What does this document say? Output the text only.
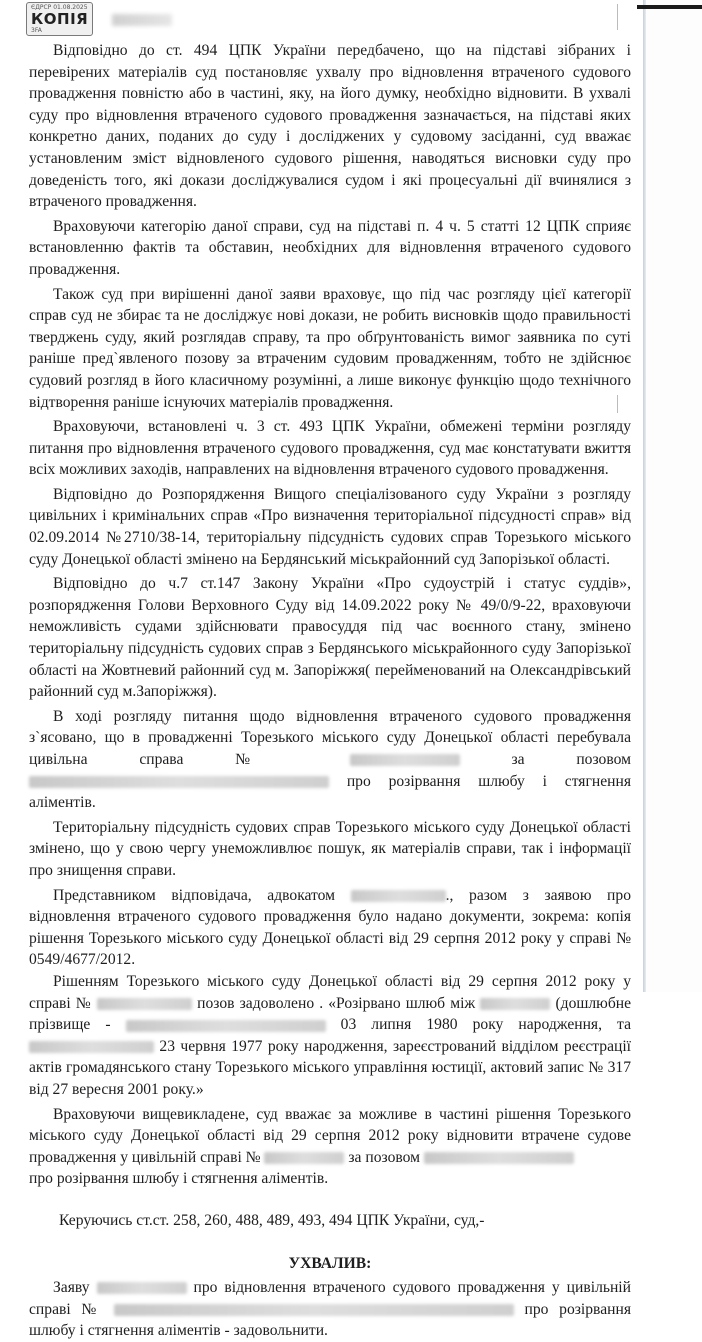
ЄДРСР 01.08.2025
КОПІЯ
3FA

Відповідно до ст. 494 ЦПК України передбачено, що на підставі зібраних і перевірених матеріалів суд постановляє ухвалу про відновлення втраченого судового провадження повністю або в частині, яку, на його думку, необхідно відновити. В ухвалі суду про відновлення втраченого судового провадження зазначається, на підставі яких конкретно даних, поданих до суду і досліджених у судовому засіданні, суд вважає установленим зміст відновленого судового рішення, наводяться висновки суду про доведеність того, які докази досліджувалися судом і які процесуальні дії вчинялися з втраченого провадження.

Враховуючи категорію даної справи, суд на підставі п. 4 ч. 5 статті 12 ЦПК сприяє встановленню фактів та обставин, необхідних для відновлення втраченого судового провадження.

Також суд при вирішенні даної заяви враховує, що під час розгляду цієї категорії справ суд не збирає та не досліджує нові докази, не робить висновків щодо правильності тверджень суду, який розглядав справу, та про обґрунтованість вимог заявника по суті раніше пред`явленого позову за втраченим судовим провадженням, тобто не здійснює судовий розгляд в його класичному розумінні, а лише виконує функцію щодо технічного відтворення раніше існуючих матеріалів провадження.

Враховуючи, встановлені ч. 3 ст. 493 ЦПК України, обмежені терміни розгляду питання про відновлення втраченого судового провадження, суд має констатувати вжиття всіх можливих заходів, направлених на відновлення втраченого судового провадження.

Відповідно до Розпорядження Вищого спеціалізованого суду України з розгляду цивільних і кримінальних справ «Про визначення територіальної підсудності справ» від 02.09.2014 №2710/38-14, територіальну підсудність судових справ Торезького міського суду Донецької області змінено на Бердянський міськрайонний суд Запорізької області.

Відповідно до ч.7 ст.147 Закону України «Про судоустрій і статус суддів», розпорядження Голови Верховного Суду від 14.09.2022 року № 49/0/9-22, враховуючи неможливість судами здійснювати правосуддя під час воєнного стану, змінено територіальну підсудність судових справ з Бердянського міськрайонного суду Запорізької області на Жовтневий районний суд м. Запоріжжя( перейменований на Олександрівський районний суд м.Запоріжжя).

В ході розгляду питання щодо відновлення втраченого судового провадження з`ясовано, що в провадженні Торезького міського суду Донецької області перебувала цивільна справа №	за позовом  про розірвання шлюбу і стягнення аліментів.

Територіальну підсудність судових справ Торезького міського суду Донецької області змінено, що у свою чергу унеможливлює пошук, як матеріалів справи, так і інформації про знищення справи.

Представником відповідача, адвокатом	., разом з заявою про відновлення втраченого судового провадження було надано документи, зокрема: копія рішення Торезького міського суду Донецької області від 29 серпня 2012 року у справі № 0549/4677/2012.

Рішенням Торезького міського суду Донецької області від 29 серпня 2012 року у справі №	позов задоволено . «Розірвано шлюб між	(дошлюбне прізвище -	03 липня 1980 року народження, та  23 червня 1977 року народження, зареєстрований відділом реєстрації актів громадянського стану Торезького міського управління юстиції, актовий запис № 317 від 27 вересня 2001 року.»

Враховуючи вищевикладене, суд вважає за можливе в частині рішення Торезького міського суду Донецької області від 29 серпня 2012 року відновити втрачене судове провадження у цивільній справі №	за позовом
про розірвання шлюбу і стягнення аліментів.

Керуючись ст.ст. 258, 260, 488, 489, 493, 494 ЦПК України, суд,-

УХВАЛИВ:

Заяву	про відновлення втраченого судового провадження у цивільній справі №	про розірвання шлюбу і стягнення аліментів - задовольнити.
